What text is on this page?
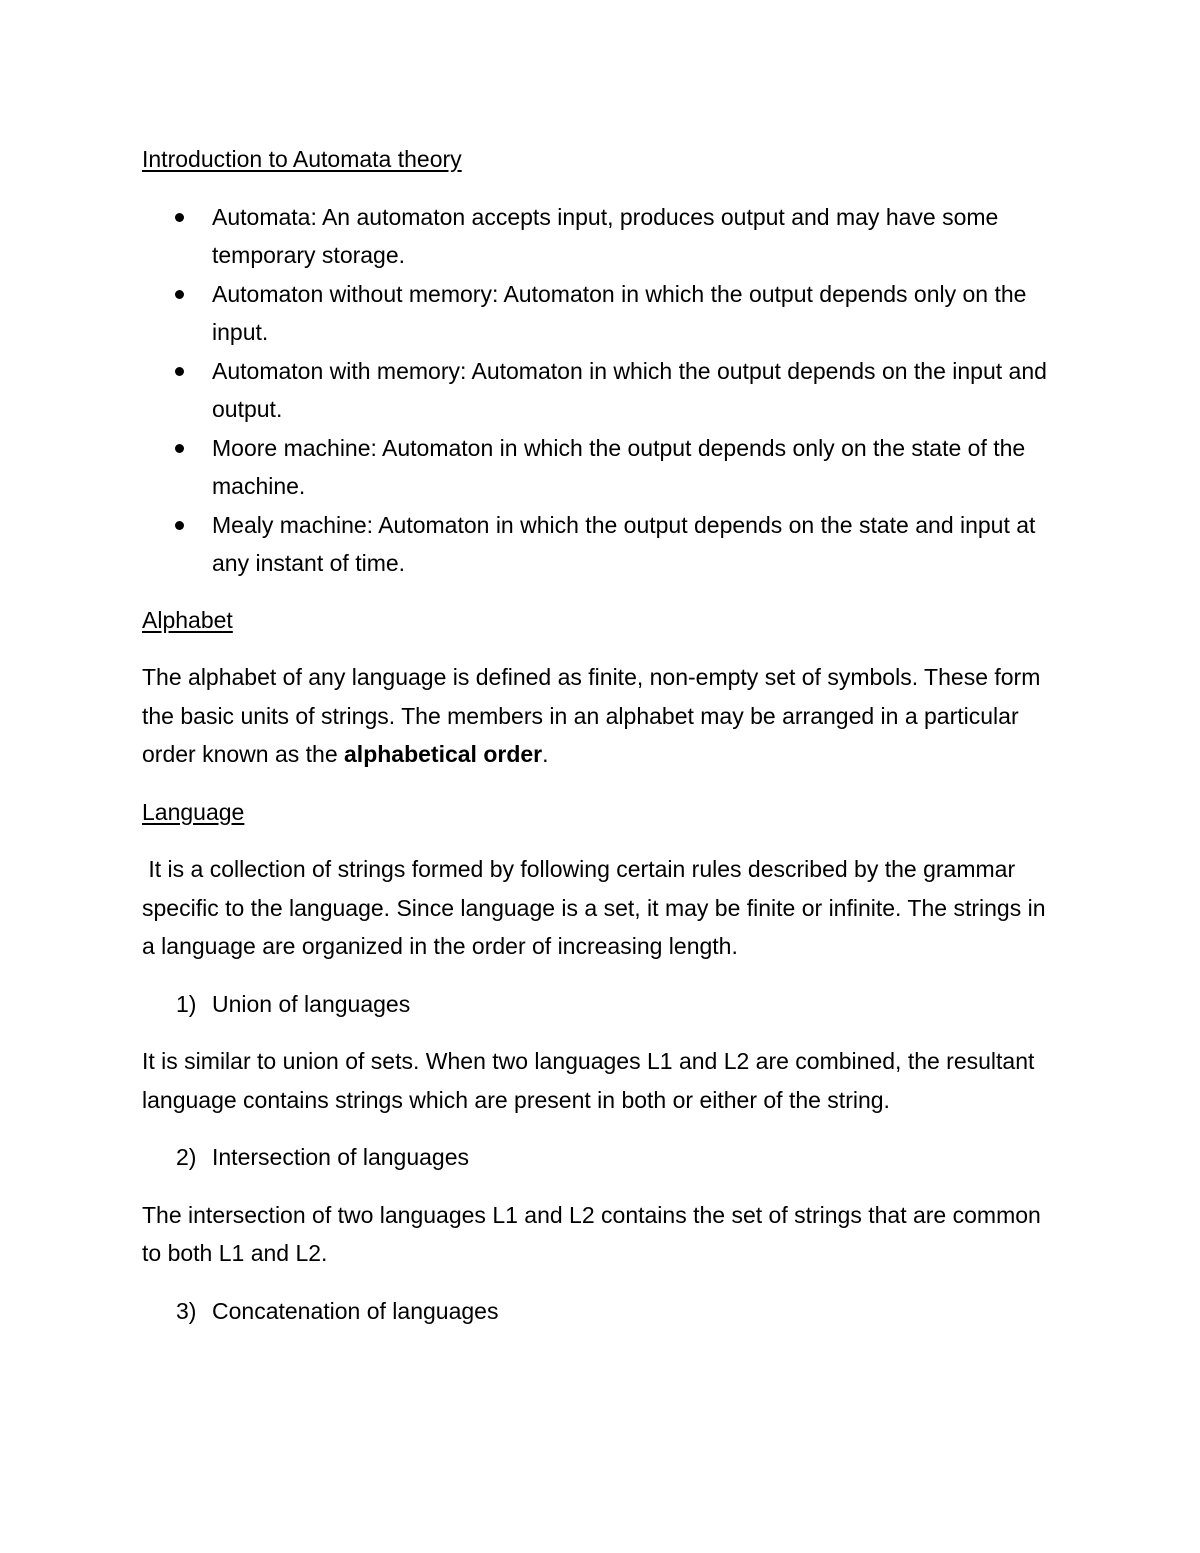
Introduction to Automata theory
Automata: An automaton accepts input, produces output and may have some temporary storage.
Automaton without memory: Automaton in which the output depends only on the input.
Automaton with memory: Automaton in which the output depends on the input and output.
Moore machine: Automaton in which the output depends only on the state of the machine.
Mealy machine: Automaton in which the output depends on the state and input at any instant of time.
Alphabet

The alphabet of any language is defined as finite, non-empty set of symbols. These form the basic units of strings. The members in an alphabet may be arranged in a particular order known as the alphabetical order.

Language

It is a collection of strings formed by following certain rules described by the grammar specific to the language. Since language is a set, it may be finite or infinite. The strings in a language are organized in the order of increasing length.

1) Union of languages

It is similar to union of sets. When two languages L1 and L2 are combined, the resultant language contains strings which are present in both or either of the string.

2) Intersection of languages

The intersection of two languages L1 and L2 contains the set of strings that are common to both L1 and L2.

3) Concatenation of languages
